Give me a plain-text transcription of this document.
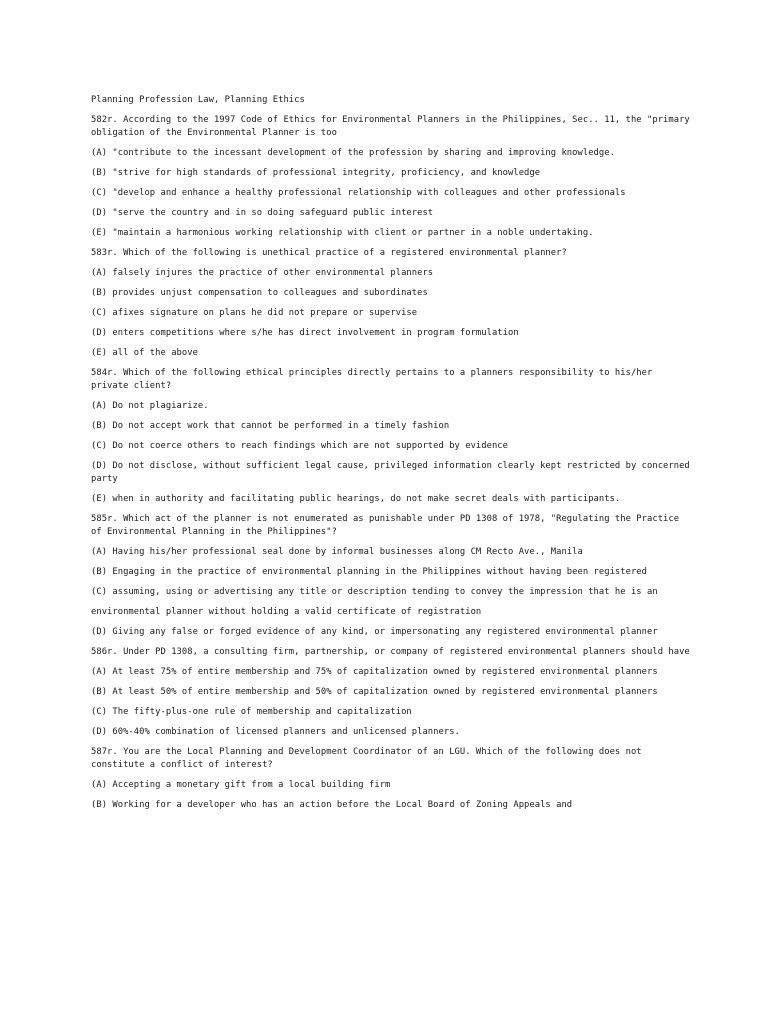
Planning Profession Law, Planning Ethics
582r. According to the 1997 Code of Ethics for Environmental Planners in the Philippines, Sec.. 11, the "primary obligation of the Environmental Planner is too
(A) "contribute to the incessant development of the profession by sharing and improving knowledge.
(B) "strive for high standards of professional integrity, proficiency, and knowledge
(C) "develop and enhance a healthy professional relationship with colleagues and other professionals
(D) "serve the country and in so doing safeguard public interest
(E) "maintain a harmonious working relationship with client or partner in a noble undertaking.
583r. Which of the following is unethical practice of a registered environmental planner?
(A) falsely injures the practice of other environmental planners
(B) provides unjust compensation to colleagues and subordinates
(C) afixes signature on plans he did not prepare or supervise
(D) enters competitions where s/he has direct involvement in program formulation
(E) all of the above
584r. Which of the following ethical principles directly pertains to a planners responsibility to his/her private client?
(A) Do not plagiarize.
(B) Do not accept work that cannot be performed in a timely fashion
(C) Do not coerce others to reach findings which are not supported by evidence
(D) Do not disclose, without sufficient legal cause, privileged information clearly kept restricted by concerned party
(E) when in authority and facilitating public hearings, do not make secret deals with participants.
585r. Which act of the planner is not enumerated as punishable under PD 1308 of 1978, "Regulating the Practice of Environmental Planning in the Philippines"?
(A) Having his/her professional seal done by informal businesses along CM Recto Ave., Manila
(B) Engaging in the practice of environmental planning in the Philippines without having been registered
(C) assuming, using or advertising any title or description tending to convey the impression that he is an
environmental planner without holding a valid certificate of registration
(D) Giving any false or forged evidence of any kind, or impersonating any registered environmental planner
586r. Under PD 1308, a consulting firm, partnership, or company of registered environmental planners should have
(A) At least 75% of entire membership and 75% of capitalization owned by registered environmental planners
(B) At least 50% of entire membership and 50% of capitalization owned by registered environmental planners
(C) The fifty-plus-one rule of membership and capitalization
(D) 60%-40% combination of licensed planners and unlicensed planners.
587r. You are the Local Planning and Development Coordinator of an LGU. Which of the following does not constitute a conflict of interest?
(A) Accepting a monetary gift from a local building firm
(B) Working for a developer who has an action before the Local Board of Zoning Appeals and
